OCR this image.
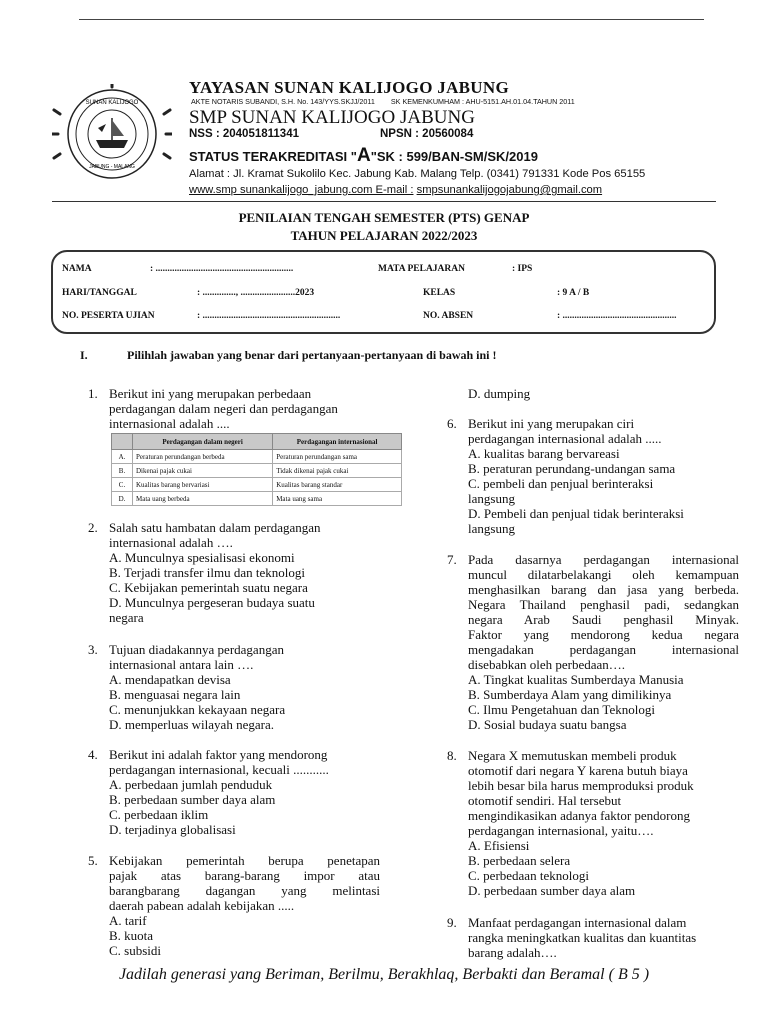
SUNAN KALIJOGO
JABUNG - MALANG
YAYASAN SUNAN KALIJOGO JABUNG
AKTE NOTARIS SUBANDI, S.H. No. 143/YYS.SKJJ/2011 SK KEMENKUMHAM : AHU-5151.AH.01.04.TAHUN 2011
SMP SUNAN KALIJOGO JABUNG
NSS : 204051811341	NPSN : 20560084
STATUS TERAKREDITASI "A"SK : 599/BAN-SM/SK/2019
Alamat : Jl. Kramat Sukolilo Kec. Jabung Kab. Malang Telp. (0341) 791331 Kode Pos 65155
www.smp sunankalijogo_jabung.com E-mail : smpsunankalijogojabung@gmail.com
PENILAIAN TENGAH SEMESTER (PTS) GENAP
TAHUN PELAJARAN 2022/2023
NAMA	: ..........................................................	MATA PELAJARAN	: IPS
HARI/TANGGAL	: .............., .......................2023	KELAS	: 9 A / B
NO. PESERTA UJIAN	: ..........................................................	NO. ABSEN	: ................................................
I.	Pilihlah jawaban yang benar dari pertanyaan-pertanyaan di bawah ini !
1. Berikut ini yang merupakan perbedaan
perdagangan dalam negeri dan perdagangan
internasional adalah ....
	Perdagangan dalam negeri	Perdagangan internasional
A.	Peraturan perundangan berbeda	Peraturan perundangan sama
B.	Dikenai pajak cukai	Tidak dikenai pajak cukai
C.	Kualitas barang bervariasi	Kualitas barang standar
D.	Mata uang berbeda	Mata uang sama
2. Salah satu hambatan dalam perdagangan
internasional adalah ….
A. Munculnya spesialisasi ekonomi
B. Terjadi transfer ilmu dan teknologi
C. Kebijakan pemerintah suatu negara
D. Munculnya pergeseran budaya suatu
negara
3. Tujuan diadakannya perdagangan
internasional antara lain ….
A. mendapatkan devisa
B. menguasai negara lain
C. menunjukkan kekayaan negara
D. memperluas wilayah negara.
4. Berikut ini adalah faktor yang mendorong
perdagangan internasional, kecuali ...........
A. perbedaan jumlah penduduk
B. perbedaan sumber daya alam
C. perbedaan iklim
D. terjadinya globalisasi
5. Kebijakan pemerintah berupa penetapan
pajak atas barang-barang impor atau
barangbarang dagangan yang melintasi
daerah pabean adalah kebijakan .....
A. tarif
B. kuota
C. subsidi
D. dumping
6. Berikut ini yang merupakan ciri
perdagangan internasional adalah .....
A. kualitas barang bervareasi
B. peraturan perundang-undangan sama
C. pembeli dan penjual berinteraksi
langsung
D. Pembeli dan penjual tidak berinteraksi
langsung
7. Pada dasarnya perdagangan internasional
muncul dilatarbelakangi oleh kemampuan
menghasilkan barang dan jasa yang berbeda.
Negara Thailand penghasil padi, sedangkan
negara Arab Saudi penghasil Minyak.
Faktor yang mendorong kedua negara
mengadakan perdagangan internasional
disebabkan oleh perbedaan….
A. Tingkat kualitas Sumberdaya Manusia
B. Sumberdaya Alam yang dimilikinya
C. Ilmu Pengetahuan dan Teknologi
D. Sosial budaya suatu bangsa
8. Negara X memutuskan membeli produk
otomotif dari negara Y karena butuh biaya
lebih besar bila harus memproduksi produk
otomotif sendiri. Hal tersebut
mengindikasikan adanya faktor pendorong
perdagangan internasional, yaitu….
A. Efisiensi
B. perbedaan selera
C. perbedaan teknologi
D. perbedaan sumber daya alam
9. Manfaat perdagangan internasional dalam
rangka meningkatkan kualitas dan kuantitas
barang adalah….
Jadilah generasi yang Beriman, Berilmu, Berakhlaq, Berbakti dan Beramal ( B 5 )
